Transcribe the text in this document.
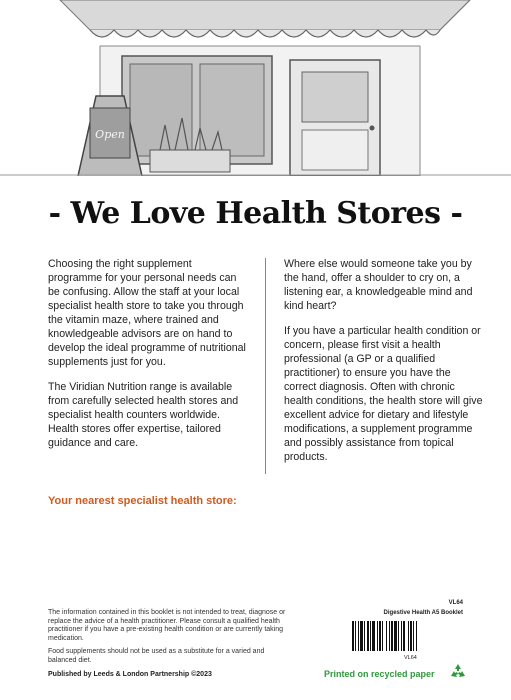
Open
- We Love Health Stores -

Choosing the right supplement programme for your personal needs can be confusing. Allow the staff at your local specialist health store to take you through the vitamin maze, where trained and knowledgeable advisors are on hand to develop the ideal programme of nutritional supplements just for you.

The Viridian Nutrition range is available from carefully selected health stores and specialist health counters worldwide. Health stores offer expertise, tailored guidance and care.

Where else would someone take you by the hand, offer a shoulder to cry on, a listening ear, a knowledgeable mind and kind heart?

If you have a particular health condition or concern, please first visit a health professional (a GP or a qualified practitioner) to ensure you have the correct diagnosis. Often with chronic health conditions, the health store will give excellent advice for dietary and lifestyle modifications, a supplement programme and possibly assistance from topical products.

Your nearest specialist health store:

The information contained in this booklet is not intended to treat, diagnose or replace the advice of a health practitioner. Please consult a qualified health practitioner if you have a pre-existing health condition or are currently taking medication.

Food supplements should not be used as a substitute for a varied and balanced diet.

Published by Leeds & London Partnership ©2023
VL64
Digestive Health A5 Booklet
VL64
Printed on recycled paper
